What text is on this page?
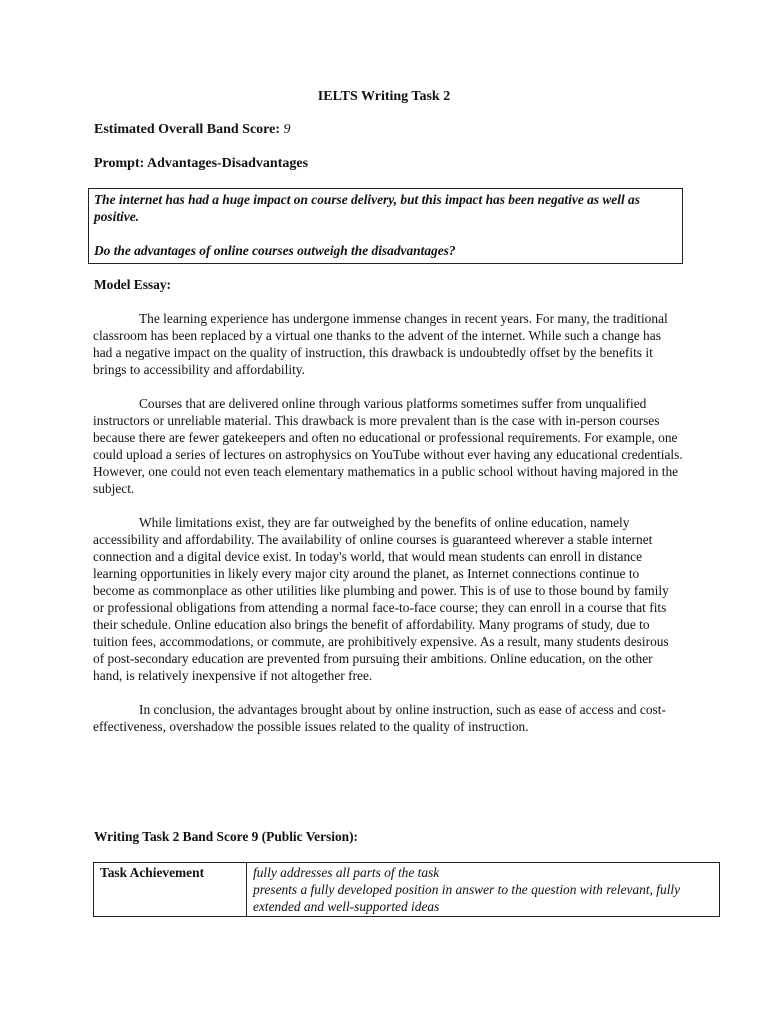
IELTS Writing Task 2
Estimated Overall Band Score: 9
Prompt: Advantages-Disadvantages

The internet has had a huge impact on course delivery, but this impact has been negative as well as positive.

Do the advantages of online courses outweigh the disadvantages?

Model Essay:

The learning experience has undergone immense changes in recent years. For many, the traditional classroom has been replaced by a virtual one thanks to the advent of the internet. While such a change has had a negative impact on the quality of instruction, this drawback is undoubtedly offset by the benefits it brings to accessibility and affordability.

Courses that are delivered online through various platforms sometimes suffer from unqualified instructors or unreliable material. This drawback is more prevalent than is the case with in-person courses because there are fewer gatekeepers and often no educational or professional requirements. For example, one could upload a series of lectures on astrophysics on YouTube without ever having any educational credentials. However, one could not even teach elementary mathematics in a public school without having majored in the subject.

While limitations exist, they are far outweighed by the benefits of online education, namely accessibility and affordability. The availability of online courses is guaranteed wherever a stable internet connection and a digital device exist. In today's world, that would mean students can enroll in distance learning opportunities in likely every major city around the planet, as Internet connections continue to become as commonplace as other utilities like plumbing and power. This is of use to those bound by family or professional obligations from attending a normal face-to-face course; they can enroll in a course that fits their schedule. Online education also brings the benefit of affordability. Many programs of study, due to tuition fees, accommodations, or commute, are prohibitively expensive. As a result, many students desirous of post-secondary education are prevented from pursuing their ambitions. Online education, on the other hand, is relatively inexpensive if not altogether free.

In conclusion, the advantages brought about by online instruction, such as ease of access and cost-effectiveness, overshadow the possible issues related to the quality of instruction.

Writing Task 2 Band Score 9 (Public Version):
Task Achievement	fully addresses all parts of the task
presents a fully developed position in answer to the question with relevant, fully extended and well-supported ideas
